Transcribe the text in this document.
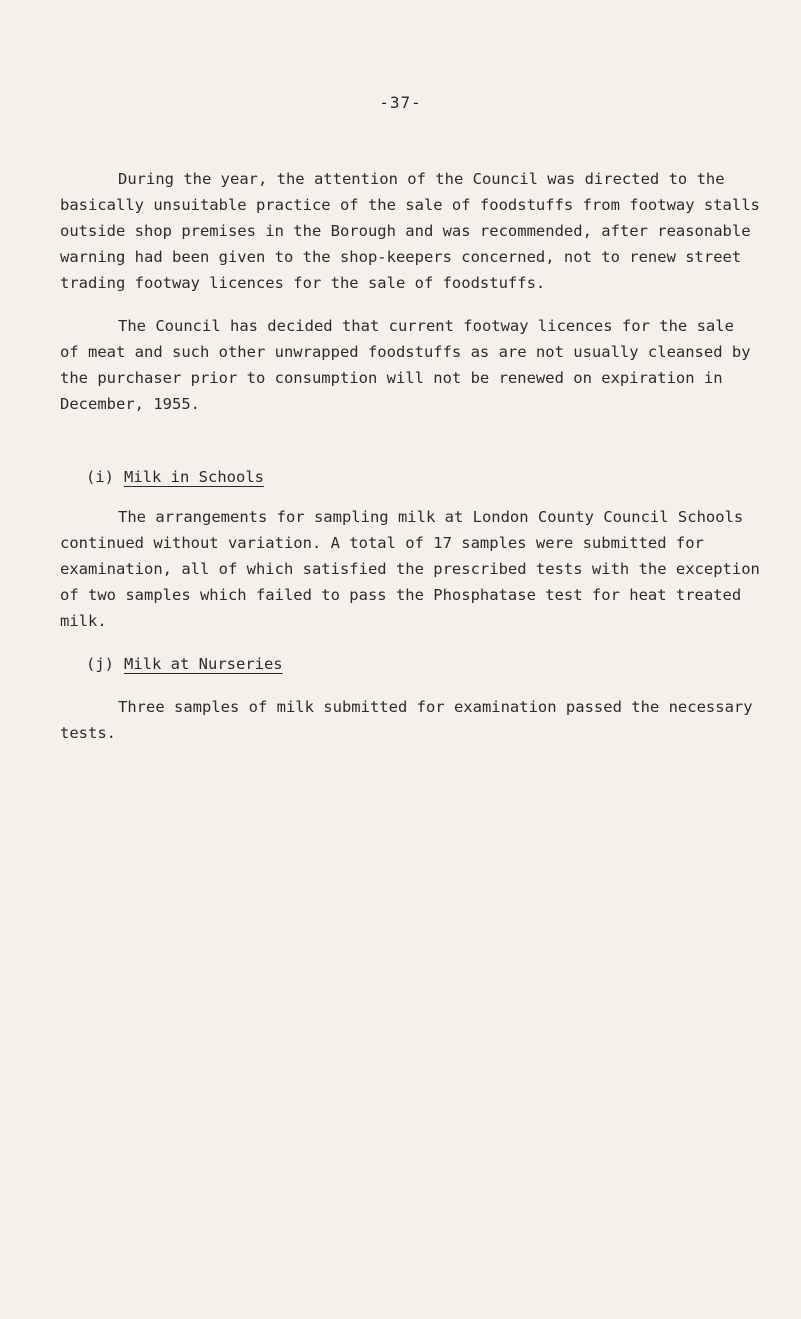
-37-

During the year, the attention of the Council was directed to the basically unsuitable practice of the sale of foodstuffs from footway stalls outside shop premises in the Borough and was recommended, after reasonable warning had been given to the shop-keepers concerned, not to renew street trading footway licences for the sale of foodstuffs.

The Council has decided that current footway licences for the sale of meat and such other unwrapped foodstuffs as are not usually cleansed by the purchaser prior to consumption will not be renewed on expiration in December, 1955.

(i) Milk in Schools

The arrangements for sampling milk at London County Council Schools continued without variation. A total of 17 samples were submitted for examination, all of which satisfied the prescribed tests with the exception of two samples which failed to pass the Phosphatase test for heat treated milk.

(j) Milk at Nurseries

Three samples of milk submitted for examination passed the necessary tests.
